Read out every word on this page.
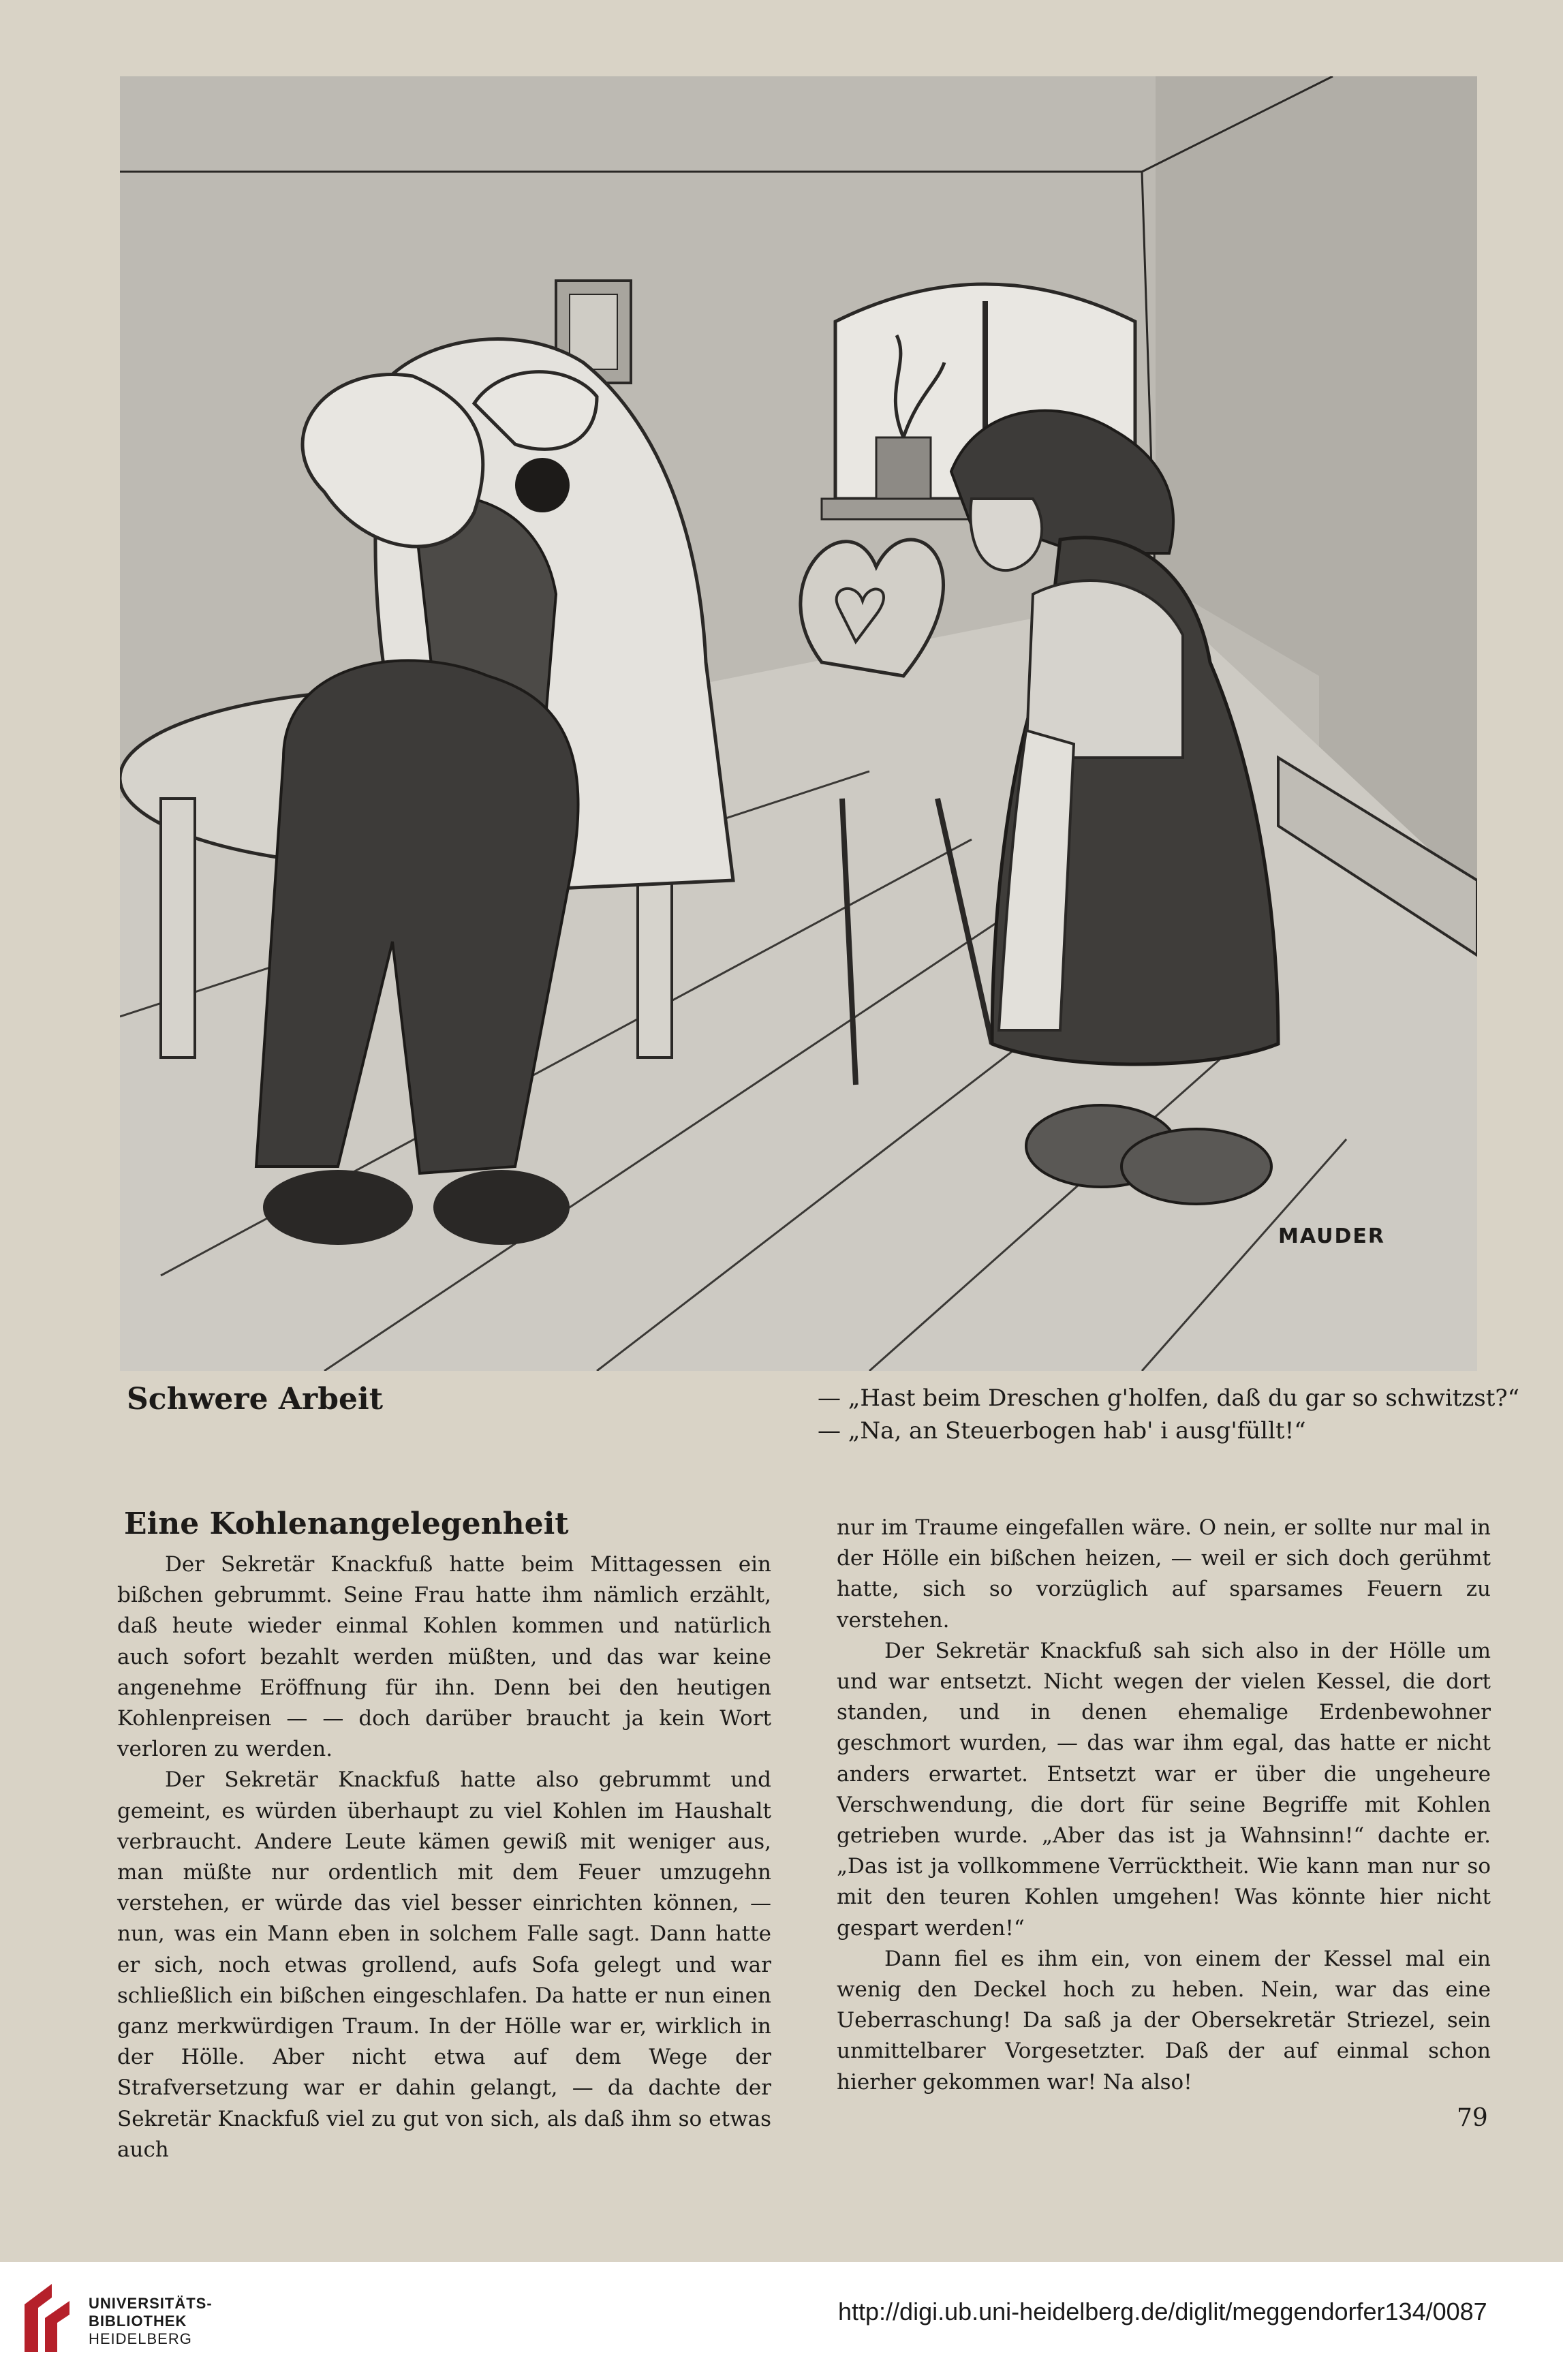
MAUDER
Schwere Arbeit	— „Hast beim Dreschen g'holfen, daß du gar so schwitzst?“
— „Na, an Steuerbogen hab' i ausg'füllt!“
Eine Kohlenangelegenheit

Der Sekretär Knackfuß hatte beim Mittagessen ein bißchen gebrummt. Seine Frau hatte ihm nämlich erzählt, daß heute wieder einmal Kohlen kommen und natürlich auch sofort bezahlt werden müßten, und das war keine angenehme Eröffnung für ihn. Denn bei den heutigen Kohlenpreisen — — doch darüber braucht ja kein Wort verloren zu werden.

Der Sekretär Knackfuß hatte also gebrummt und gemeint, es würden überhaupt zu viel Kohlen im Haushalt verbraucht. Andere Leute kämen gewiß mit weniger aus, man müßte nur ordentlich mit dem Feuer umzugehn verstehen, er würde das viel besser einrichten können, — nun, was ein Mann eben in solchem Falle sagt. Dann hatte er sich, noch etwas grollend, aufs Sofa gelegt und war schließlich ein bißchen eingeschlafen. Da hatte er nun einen ganz merkwürdigen Traum. In der Hölle war er, wirklich in der Hölle. Aber nicht etwa auf dem Wege der Strafversetzung war er dahin gelangt, — da dachte der Sekretär Knackfuß viel zu gut von sich, als daß ihm so etwas auch

nur im Traume eingefallen wäre. O nein, er sollte nur mal in der Hölle ein bißchen heizen, — weil er sich doch gerühmt hatte, sich so vorzüglich auf sparsames Feuern zu verstehen.

Der Sekretär Knackfuß sah sich also in der Hölle um und war entsetzt. Nicht wegen der vielen Kessel, die dort standen, und in denen ehemalige Erdenbewohner geschmort wurden, — das war ihm egal, das hatte er nicht anders erwartet. Entsetzt war er über die ungeheure Verschwendung, die dort für seine Begriffe mit Kohlen getrieben wurde. „Aber das ist ja Wahnsinn!“ dachte er. „Das ist ja vollkommene Verrücktheit. Wie kann man nur so mit den teuren Kohlen umgehen! Was könnte hier nicht gespart werden!“

Dann fiel es ihm ein, von einem der Kessel mal ein wenig den Deckel hoch zu heben. Nein, war das eine Ueberraschung! Da saß ja der Obersekretär Striezel, sein unmittelbarer Vorgesetzter. Daß der auf einmal schon hierher gekommen war! Na also!

79
UNIVERSITÄTS-
BIBLIOTHEK
HEIDELBERG
http://digi.ub.uni-heidelberg.de/diglit/meggendorfer134/0087
